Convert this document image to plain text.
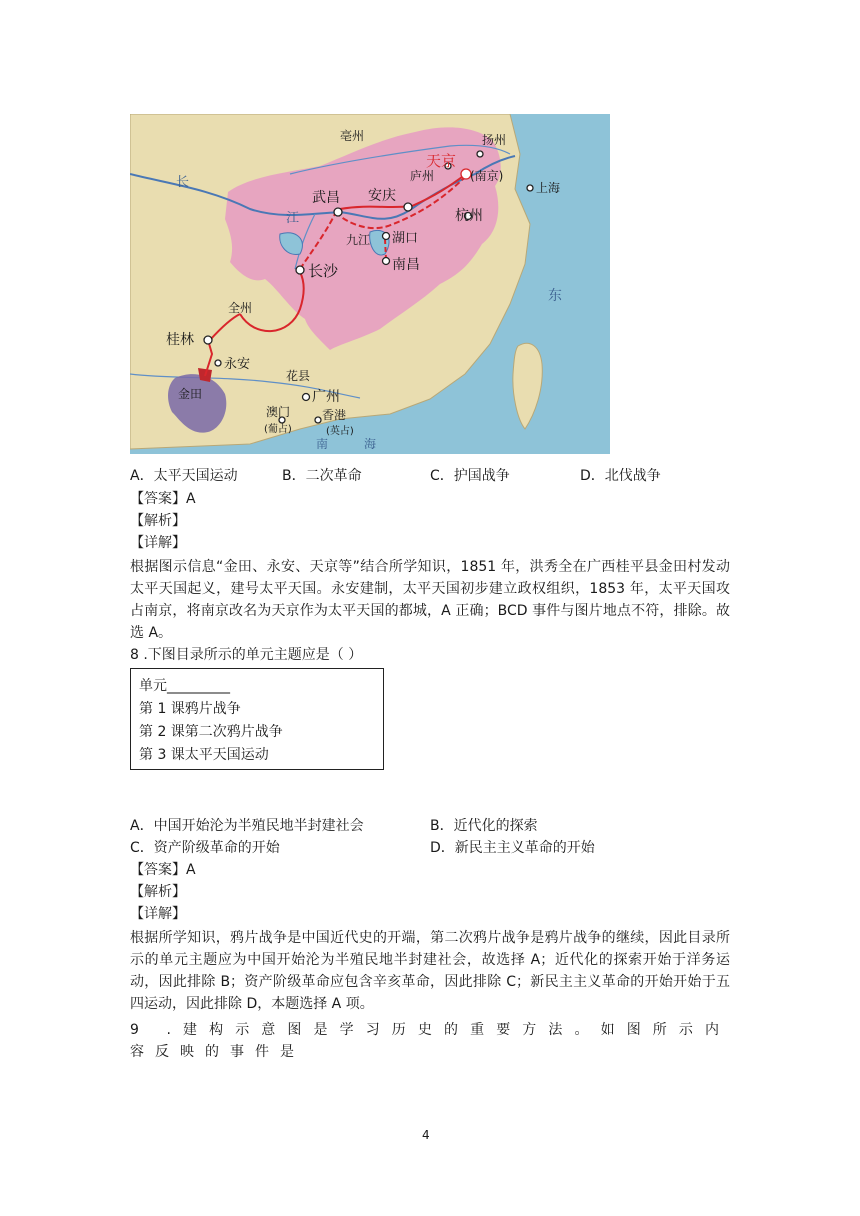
亳州	扬州
天京
(南京)
庐州
武昌 安庆	上海
杭州
九江 湖口
南昌
长沙
全州
桂林
永安
金田
花县
广州
澳门
(葡占)
香港
(英占)
长
江
东
南	海
A．太平天国运动	B．二次革命	C．护国战争	D．北伐战争
【答案】A
【解析】
【详解】
根据图示信息“金田、永安、天京等”结合所学知识，1851 年，洪秀全在广西桂平县金田村发动太平天国起义，建号太平天国。永安建制，太平天国初步建立政权组织，1853 年，太平天国攻占南京，将南京改名为天京作为太平天国的都城，A 正确；BCD 事件与图片地点不符，排除。故选 A。
8 .下图目录所示的单元主题应是（ ）
单元_________
第 1 课鸦片战争
第 2 课第二次鸦片战争
第 3 课太平天国运动
A．中国开始沦为半殖民地半封建社会	B．近代化的探索
C．资产阶级革命的开始	D．新民主主义革命的开始
【答案】A
【解析】
【详解】
根据所学知识，鸦片战争是中国近代史的开端，第二次鸦片战争是鸦片战争的继续，因此目录所示的单元主题应为中国开始沦为半殖民地半封建社会，故选择 A；近代化的探索开始于洋务运动，因此排除 B；资产阶级革命应包含辛亥革命，因此排除 C；新民主主义革命的开始开始于五四运动，因此排除 D，本题选择 A 项。
9 .建构示意图是学习历史的重要方法。如图所示内容反映的事件是
4
